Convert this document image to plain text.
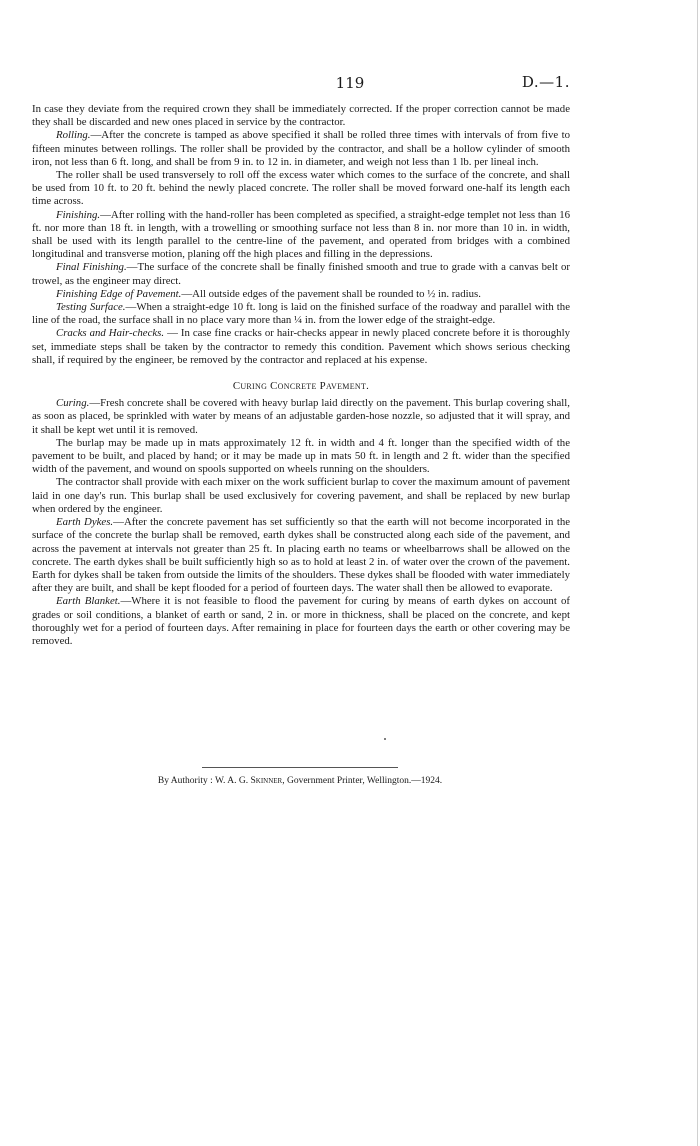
119	D.—1.

In case they deviate from the required crown they shall be immediately corrected. If the proper correction cannot be made they shall be discarded and new ones placed in service by the contractor.

Rolling.—After the concrete is tamped as above specified it shall be rolled three times with intervals of from five to fifteen minutes between rollings. The roller shall be provided by the contractor, and shall be a hollow cylinder of smooth iron, not less than 6 ft. long, and shall be from 9 in. to 12 in. in diameter, and weigh not less than 1 lb. per lineal inch.

The roller shall be used transversely to roll off the excess water which comes to the surface of the concrete, and shall be used from 10 ft. to 20 ft. behind the newly placed concrete. The roller shall be moved forward one-half its length each time across.

Finishing.—After rolling with the hand-roller has been completed as specified, a straight-edge templet not less than 16 ft. nor more than 18 ft. in length, with a trowelling or smoothing surface not less than 8 in. nor more than 10 in. in width, shall be used with its length parallel to the centre-line of the pavement, and operated from bridges with a combined longitudinal and transverse motion, planing off the high places and filling in the depressions.

Final Finishing.—The surface of the concrete shall be finally finished smooth and true to grade with a canvas belt or trowel, as the engineer may direct.

Finishing Edge of Pavement.—All outside edges of the pavement shall be rounded to ½ in. radius.

Testing Surface.—When a straight-edge 10 ft. long is laid on the finished surface of the roadway and parallel with the line of the road, the surface shall in no place vary more than ¼ in. from the lower edge of the straight-edge.

Cracks and Hair-checks. — In case fine cracks or hair-checks appear in newly placed concrete before it is thoroughly set, immediate steps shall be taken by the contractor to remedy this condition. Pavement which shows serious checking shall, if required by the engineer, be removed by the contractor and replaced at his expense.

Curing Concrete Pavement.

Curing.—Fresh concrete shall be covered with heavy burlap laid directly on the pavement. This burlap covering shall, as soon as placed, be sprinkled with water by means of an adjustable garden-hose nozzle, so adjusted that it will spray, and it shall be kept wet until it is removed.

The burlap may be made up in mats approximately 12 ft. in width and 4 ft. longer than the specified width of the pavement to be built, and placed by hand; or it may be made up in mats 50 ft. in length and 2 ft. wider than the specified width of the pavement, and wound on spools supported on wheels running on the shoulders.

The contractor shall provide with each mixer on the work sufficient burlap to cover the maximum amount of pavement laid in one day's run. This burlap shall be used exclusively for covering pavement, and shall be replaced by new burlap when ordered by the engineer.

Earth Dykes.—After the concrete pavement has set sufficiently so that the earth will not become incorporated in the surface of the concrete the burlap shall be removed, earth dykes shall be constructed along each side of the pavement, and across the pavement at intervals not greater than 25 ft. In placing earth no teams or wheelbarrows shall be allowed on the concrete. The earth dykes shall be built sufficiently high so as to hold at least 2 in. of water over the crown of the pavement. Earth for dykes shall be taken from outside the limits of the shoulders. These dykes shall be flooded with water immediately after they are built, and shall be kept flooded for a period of fourteen days. The water shall then be allowed to evaporate.

Earth Blanket.—Where it is not feasible to flood the pavement for curing by means of earth dykes on account of grades or soil conditions, a blanket of earth or sand, 2 in. or more in thickness, shall be placed on the concrete, and kept thoroughly wet for a period of fourteen days. After remaining in place for fourteen days the earth or other covering may be removed.

By Authority : W. A. G. Skinner, Government Printer, Wellington.—1924.
